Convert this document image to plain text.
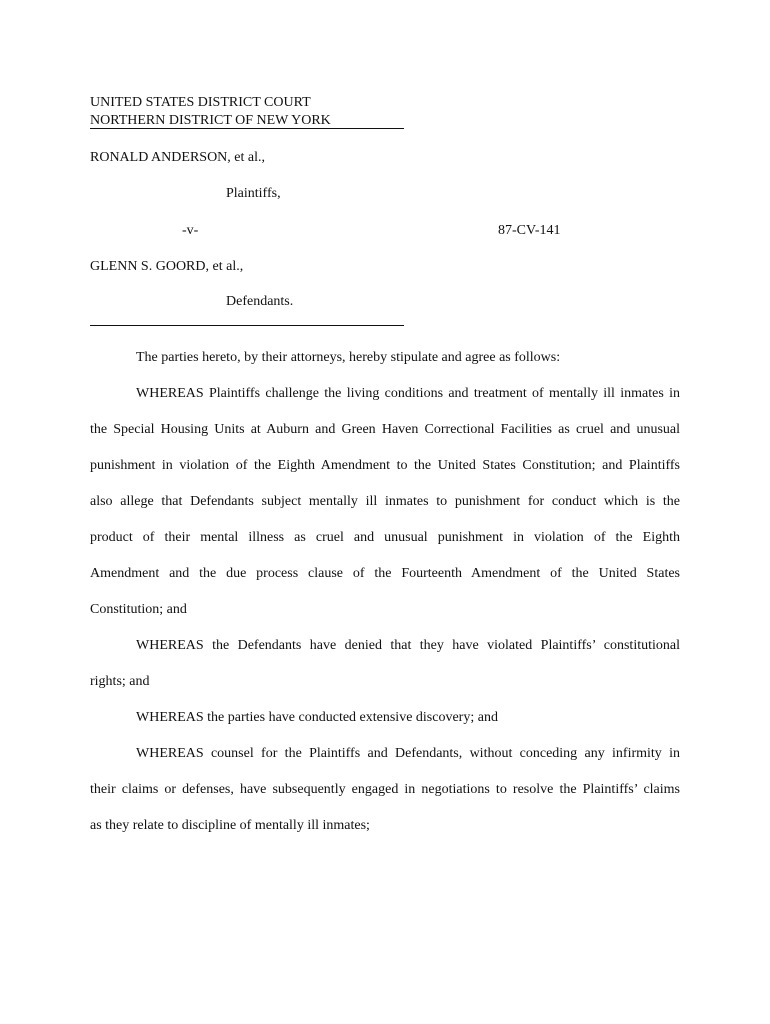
UNITED STATES DISTRICT COURT
NORTHERN DISTRICT OF NEW YORK
RONALD ANDERSON, et al.,
Plaintiffs,
-v-	87-CV-141
GLENN S. GOORD, et al.,
Defendants.
The parties hereto, by their attorneys, hereby stipulate and agree as follows:
WHEREAS Plaintiffs challenge the living conditions and treatment of mentally ill inmates in
the Special Housing Units at Auburn and Green Haven Correctional Facilities as cruel and unusual
punishment in violation of the Eighth Amendment to the United States Constitution; and Plaintiffs
also allege that Defendants subject mentally ill inmates to punishment for conduct which is the
product of their mental illness as cruel and unusual punishment in violation of the Eighth
Amendment and the due process clause of the Fourteenth Amendment of the United States
Constitution; and
WHEREAS the Defendants have denied that they have violated Plaintiffs’ constitutional
rights; and
WHEREAS the parties have conducted extensive discovery; and
WHEREAS counsel for the Plaintiffs and Defendants, without conceding any infirmity in
their claims or defenses, have subsequently engaged in negotiations to resolve the Plaintiffs’ claims
as they relate to discipline of mentally ill inmates;
